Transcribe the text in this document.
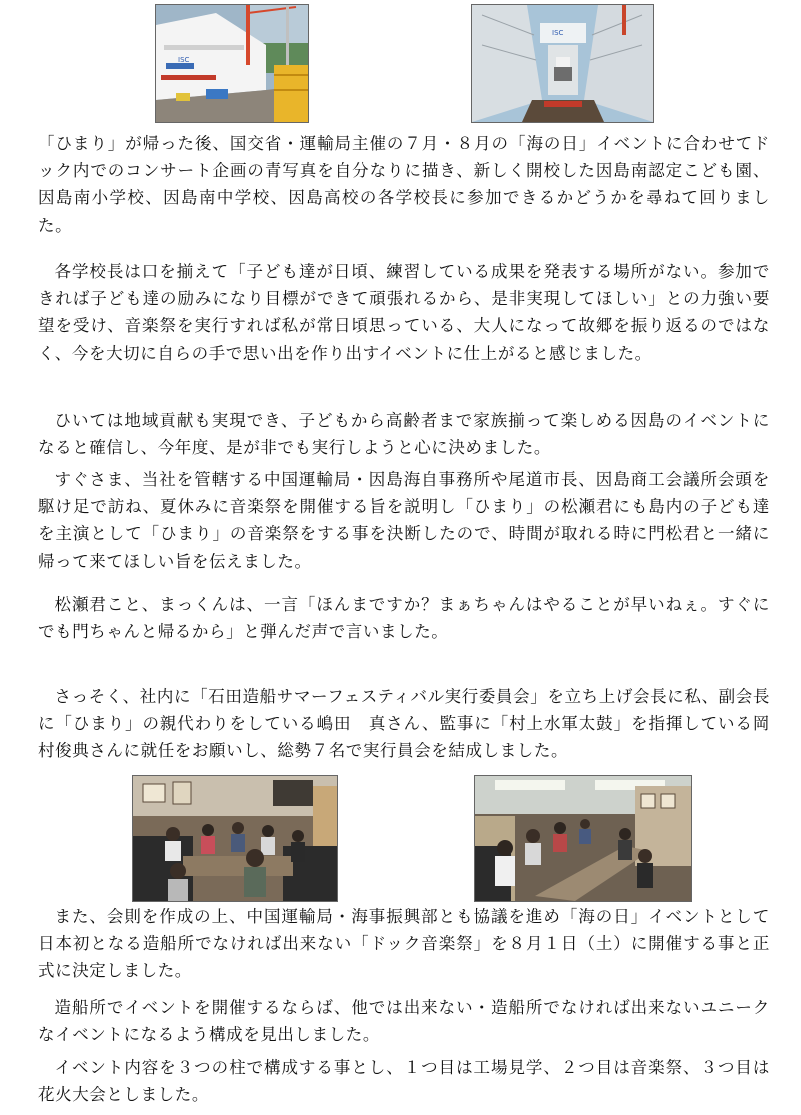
ISC
ISC

「ひまり」が帰った後、国交省・運輸局主催の７月・８月の「海の日」イベントに合わせてドック内でのコンサート企画の青写真を自分なりに描き、新しく開校した因島南認定こども園、因島南小学校、因島南中学校、因島高校の各学校長に参加できるかどうかを尋ねて回りました。

各学校長は口を揃えて「子ども達が日頃、練習している成果を発表する場所がない。参加できれば子ども達の励みになり目標ができて頑張れるから、是非実現してほしい」との力強い要望を受け、音楽祭を実行すれば私が常日頃思っている、大人になって故郷を振り返るのではなく、今を大切に自らの手で思い出を作り出すイベントに仕上がると感じました。

ひいては地域貢献も実現でき、子どもから高齢者まで家族揃って楽しめる因島のイベントになると確信し、今年度、是が非でも実行しようと心に決めました。

すぐさま、当社を管轄する中国運輸局・因島海自事務所や尾道市長、因島商工会議所会頭を駆け足で訪ね、夏休みに音楽祭を開催する旨を説明し「ひまり」の松瀬君にも島内の子ども達を主演として「ひまり」の音楽祭をする事を決断したので、時間が取れる時に門松君と一緒に帰って来てほしい旨を伝えました。

松瀬君こと、まっくんは、一言「ほんまですか？まぁちゃんはやることが早いねぇ。すぐにでも門ちゃんと帰るから」と弾んだ声で言いました。

さっそく、社内に「石田造船サマーフェスティバル実行委員会」を立ち上げ会長に私、副会長に「ひまり」の親代わりをしている嶋田　真さん、監事に「村上水軍太鼓」を指揮している岡村俊典さんに就任をお願いし、総勢７名で実行員会を結成しました。

また、会則を作成の上、中国運輸局・海事振興部とも協議を進め「海の日」イベントとして日本初となる造船所でなければ出来ない「ドック音楽祭」を８月１日（土）に開催する事と正式に決定しました。

造船所でイベントを開催するならば、他では出来ない・造船所でなければ出来ないユニークなイベントになるよう構成を見出しました。

イベント内容を３つの柱で構成する事とし、１つ目は工場見学、２つ目は音楽祭、３つ目は花火大会としました。
